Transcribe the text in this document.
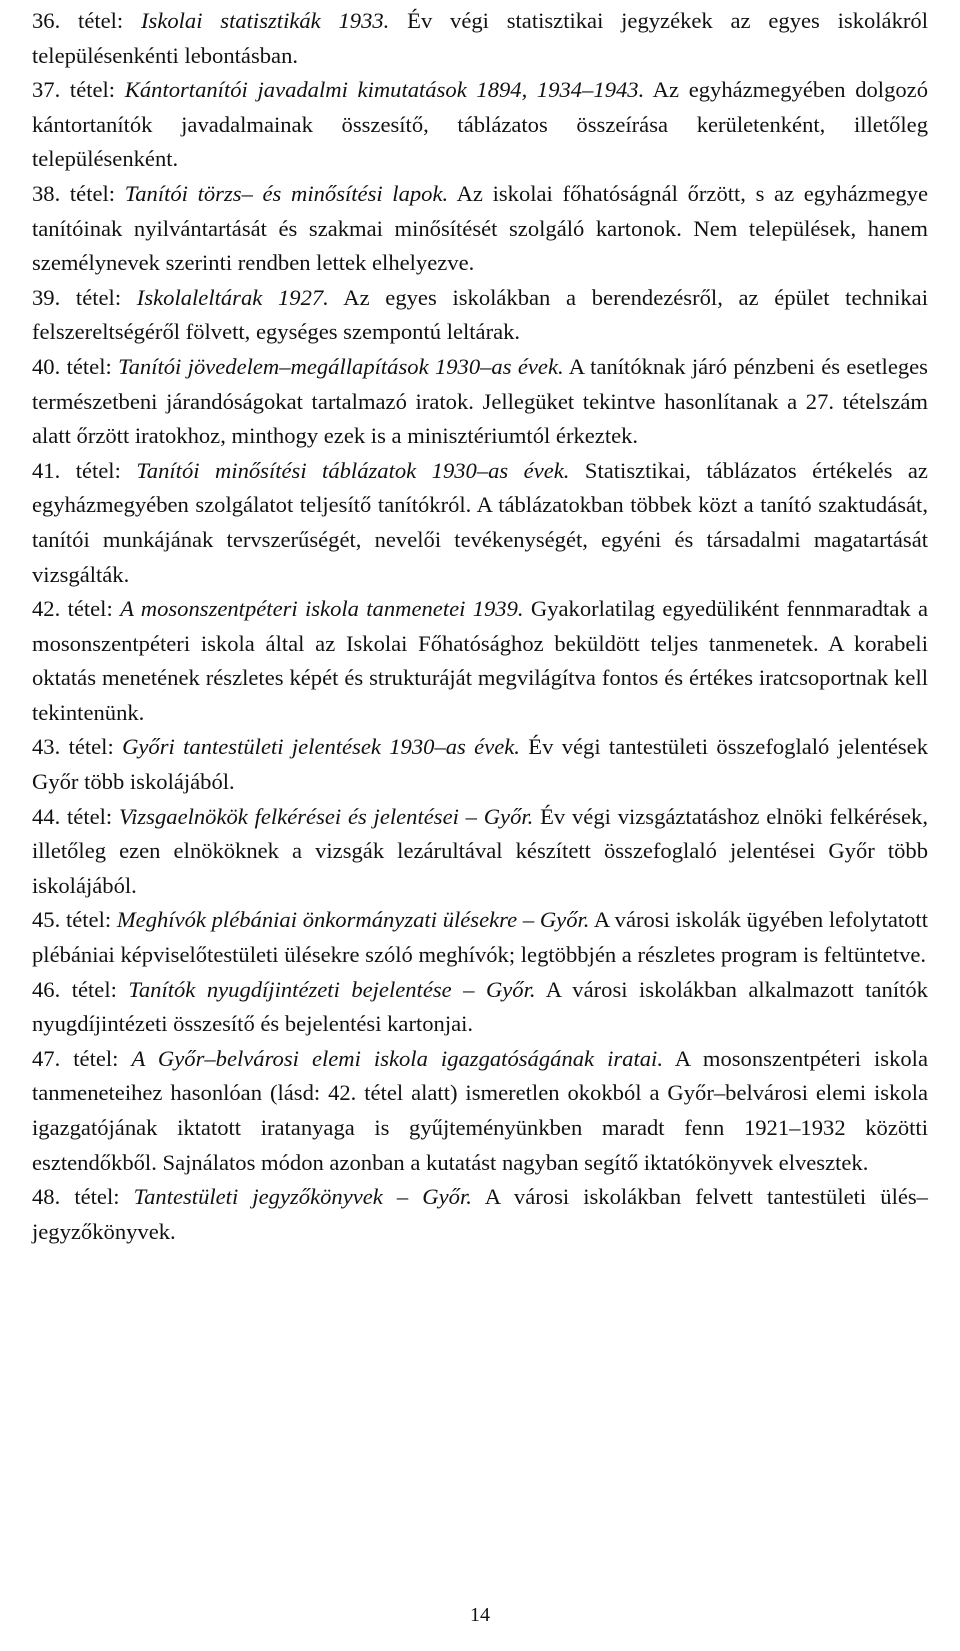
36. tétel: Iskolai statisztikák 1933. Év végi statisztikai jegyzékek az egyes iskolákról településenkénti lebontásban.

37. tétel: Kántortanítói javadalmi kimutatások 1894, 1934–1943. Az egyházmegyében dolgozó kántortanítók javadalmainak összesítő, táblázatos összeírása kerületenként, illetőleg településenként.

38. tétel: Tanítói törzs– és minősítési lapok. Az iskolai főhatóságnál őrzött, s az egyházmegye tanítóinak nyilvántartását és szakmai minősítését szolgáló kartonok. Nem települések, hanem személynevek szerinti rendben lettek elhelyezve.

39. tétel: Iskolaleltárak 1927. Az egyes iskolákban a berendezésről, az épület technikai felszereltségéről fölvett, egységes szempontú leltárak.

40. tétel: Tanítói jövedelem–megállapítások 1930–as évek. A tanítóknak járó pénzbeni és esetleges természetbeni járandóságokat tartalmazó iratok. Jellegüket tekintve hasonlítanak a 27. tételszám alatt őrzött iratokhoz, minthogy ezek is a minisztériumtól érkeztek.

41. tétel: Tanítói minősítési táblázatok 1930–as évek. Statisztikai, táblázatos értékelés az egyházmegyében szolgálatot teljesítő tanítókról. A táblázatokban többek közt a tanító szaktudását, tanítói munkájának tervszerűségét, nevelői tevékenységét, egyéni és társadalmi magatartását vizsgálták.

42. tétel: A mosonszentpéteri iskola tanmenetei 1939. Gyakorlatilag egyedüliként fennmaradtak a mosonszentpéteri iskola által az Iskolai Főhatósághoz beküldött teljes tanmenetek. A korabeli oktatás menetének részletes képét és strukturáját megvilágítva fontos és értékes iratcsoportnak kell tekintenünk.

43. tétel: Győri tantestületi jelentések 1930–as évek. Év végi tantestületi összefoglaló jelentések Győr több iskolájából.

44. tétel: Vizsgaelnökök felkérései és jelentései – Győr. Év végi vizsgáztatáshoz elnöki felkérések, illetőleg ezen elnököknek a vizsgák lezárultával készített összefoglaló jelentései Győr több iskolájából.

45. tétel: Meghívók plébániai önkormányzati ülésekre – Győr. A városi iskolák ügyében lefolytatott plébániai képviselőtestületi ülésekre szóló meghívók; legtöbbjén a részletes program is feltüntetve.

46. tétel: Tanítók nyugdíjintézeti bejelentése – Győr. A városi iskolákban alkalmazott tanítók nyugdíjintézeti összesítő és bejelentési kartonjai.

47. tétel: A Győr–belvárosi elemi iskola igazgatóságának iratai. A mosonszentpéteri iskola tanmeneteihez hasonlóan (lásd: 42. tétel alatt) ismeretlen okokból a Győr–belvárosi elemi iskola igazgatójának iktatott iratanyaga is gyűjteményünkben maradt fenn 1921–1932 közötti esztendőkből. Sajnálatos módon azonban a kutatást nagyban segítő iktatókönyvek elvesztek.

48. tétel: Tantestületi jegyzőkönyvek – Győr. A városi iskolákban felvett tantestületi ülés–jegyzőkönyvek.

14
